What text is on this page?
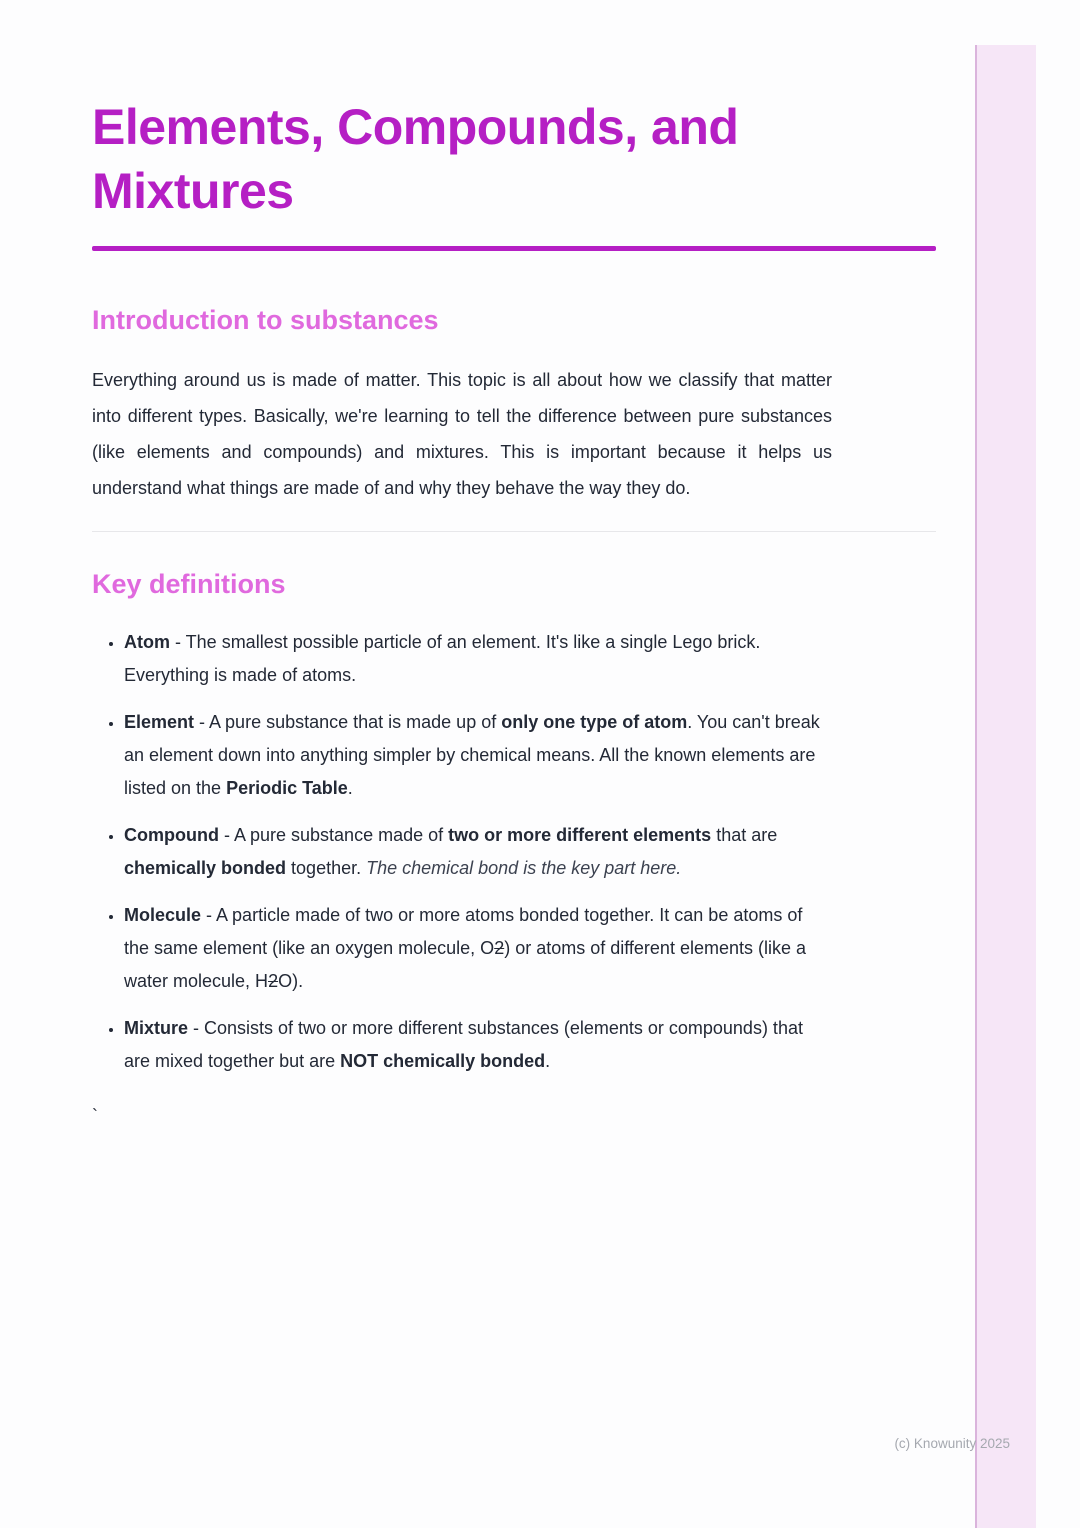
Elements, Compounds, and Mixtures
Introduction to substances

Everything around us is made of matter. This topic is all about how we classify that matter into different types. Basically, we're learning to tell the difference between pure substances (like elements and compounds) and mixtures. This is important because it helps us understand what things are made of and why they behave the way they do.

Key definitions
• Atom - The smallest possible particle of an element. It's like a single Lego brick. Everything is made of atoms.
• Element - A pure substance that is made up of only one type of atom. You can't break an element down into anything simpler by chemical means. All the known elements are listed on the Periodic Table.
• Compound - A pure substance made of two or more different elements that are chemically bonded together. The chemical bond is the key part here.
• Molecule - A particle made of two or more atoms bonded together. It can be atoms of the same element (like an oxygen molecule, O2) or atoms of different elements (like a water molecule, H2O).
• Mixture - Consists of two or more different substances (elements or compounds) that are mixed together but are NOT chemically bonded.
`
(c) Knowunity 2025
